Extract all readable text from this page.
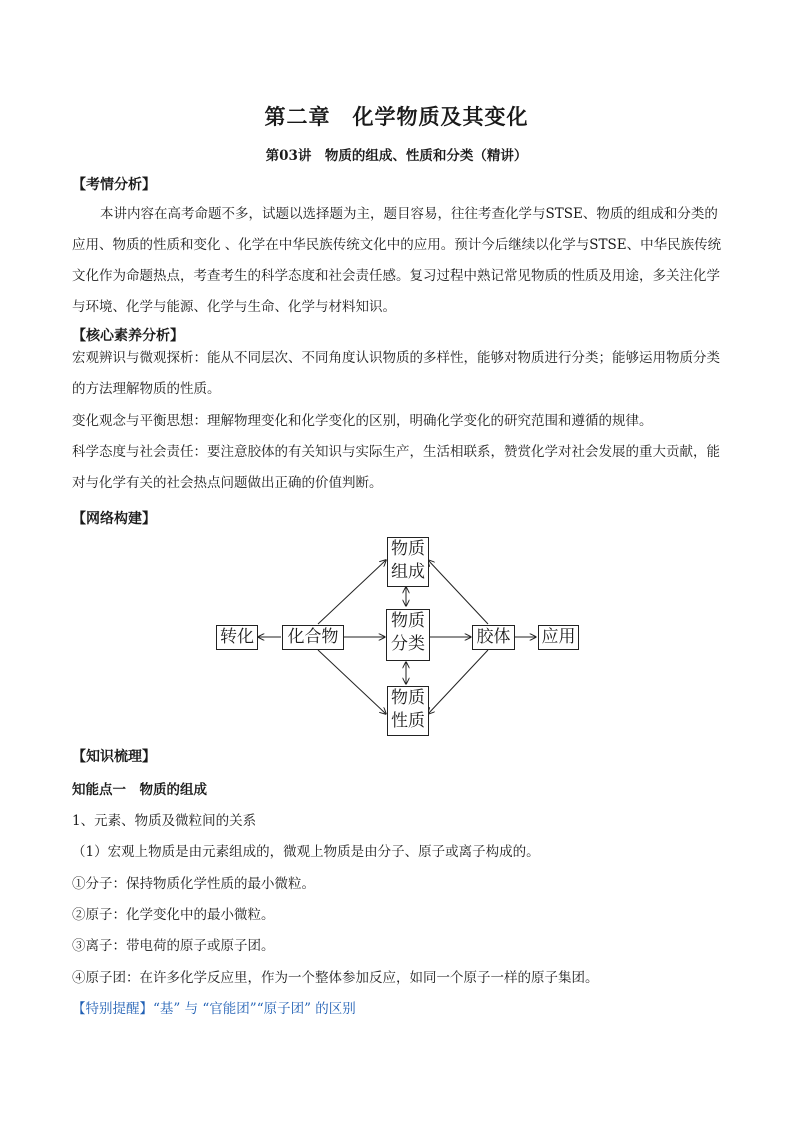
第二章　化学物质及其变化
第03讲　物质的组成、性质和分类（精讲）
【考情分析】
本讲内容在高考命题不多，试题以选择题为主，题目容易，往往考查化学与STSE、物质的组成和分类的应用、物质的性质和变化 、化学在中华民族传统文化中的应用。预计今后继续以化学与STSE、中华民族传统文化作为命题热点，考查考生的科学态度和社会责任感。复习过程中熟记常见物质的性质及用途，多关注化学与环境、化学与能源、化学与生命、化学与材料知识。
【核心素养分析】
宏观辨识与微观探析：能从不同层次、不同角度认识物质的多样性，能够对物质进行分类；能够运用物质分类的方法理解物质的性质。
变化观念与平衡思想：理解物理变化和化学变化的区别，明确化学变化的研究范围和遵循的规律。
科学态度与社会责任：要注意胶体的有关知识与实际生产，生活相联系，赞赏化学对社会发展的重大贡献，能对与化学有关的社会热点问题做出正确的价值判断。
【网络构建】
物质
组成
物质
分类
物质
性质
转化	化合物	胶体 应用
【知识梳理】
知能点一　物质的组成
1、元素、物质及微粒间的关系
（1）宏观上物质是由元素组成的，微观上物质是由分子、原子或离子构成的。
①分子：保持物质化学性质的最小微粒。
②原子：化学变化中的最小微粒。
③离子：带电荷的原子或原子团。
④原子团：在许多化学反应里，作为一个整体参加反应，如同一个原子一样的原子集团。
【特别提醒】“基” 与 “官能团”“原子团” 的区别
